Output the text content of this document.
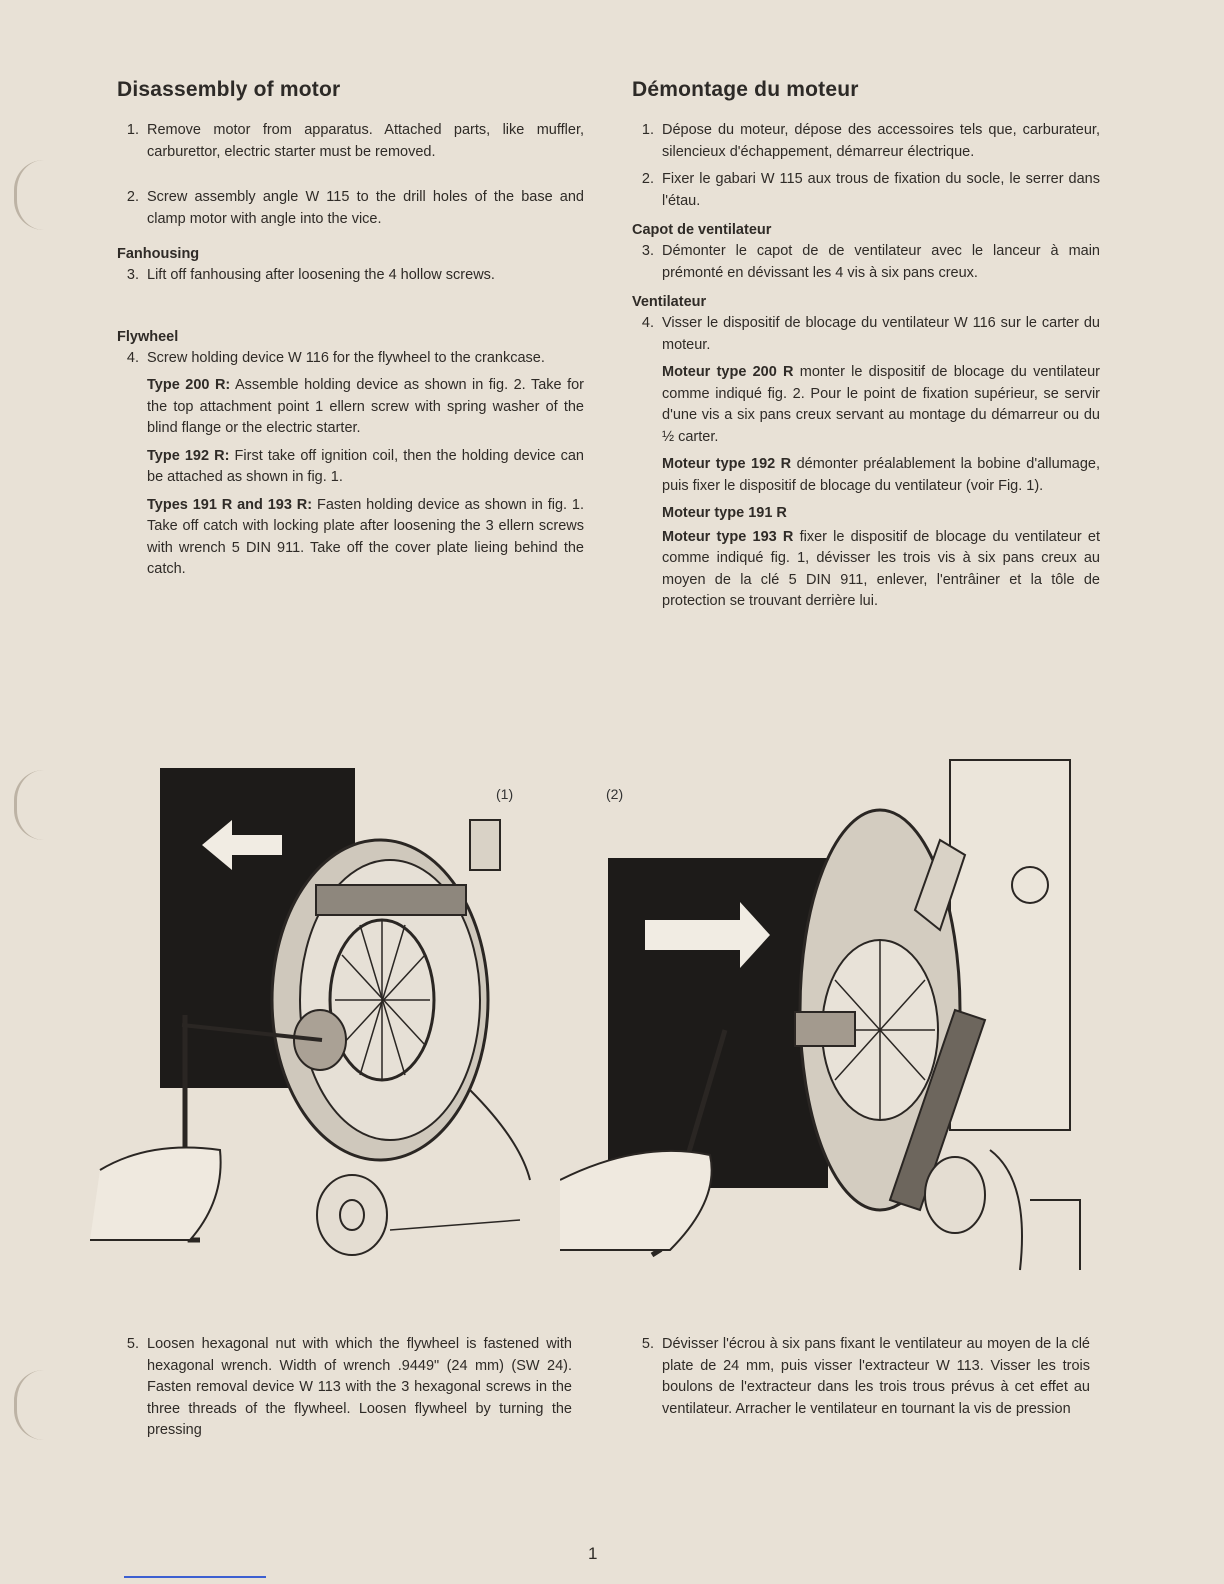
Disassembly of motor
1. Remove motor from apparatus. Attached parts, like muffler, carburettor, electric starter must be removed.
2. Screw assembly angle W 115 to the drill holes of the base and clamp motor with angle into the vice.
Fanhousing
3. Lift off fanhousing after loosening the 4 hollow screws.
Flywheel
4. Screw holding device W 116 for the flywheel to the crankcase.
Type 200 R: Assemble holding device as shown in fig. 2. Take for the top attachment point 1 ellern screw with spring washer of the blind flange or the electric starter.
Type 192 R: First take off ignition coil, then the holding device can be attached as shown in fig. 1.
Types 191 R and 193 R: Fasten holding device as shown in fig. 1. Take off catch with locking plate after loosening the 3 ellern screws with wrench 5 DIN 911. Take off the cover plate lieing behind the catch.
Démontage du moteur
1. Dépose du moteur, dépose des accessoires tels que, carburateur, silencieux d'échappement, démarreur électrique.
2. Fixer le gabari W 115 aux trous de fixation du socle, le serrer dans l'étau.
Capot de ventilateur
3. Démonter le capot de de ventilateur avec le lanceur à main prémonté en dévissant les 4 vis à six pans creux.
Ventilateur
4. Visser le dispositif de blocage du ventilateur W 116 sur le carter du moteur.
Moteur type 200 R monter le dispositif de blocage du ventilateur comme indiqué fig. 2. Pour le point de fixation supérieur, se servir d'une vis a six pans creux servant au montage du démarreur ou du ½ carter.
Moteur type 192 R démonter préalablement la bobine d'allumage, puis fixer le dispositif de blocage du ventilateur (voir Fig. 1).
Moteur type 191 R
Moteur type 193 R fixer le dispositif de blocage du ventilateur et comme indiqué fig. 1, dévisser les trois vis à six pans creux au moyen de la clé 5 DIN 911, enlever, l'entrâiner et la tôle de protection se trouvant derrière lui.
(1)	(2)
5. Loosen hexagonal nut with which the flywheel is fastened with hexagonal wrench. Width of wrench .9449" (24 mm) (SW 24). Fasten removal device W 113 with the 3 hexagonal screws in the three threads of the flywheel. Loosen flywheel by turning the pressing
5. Dévisser l'écrou à six pans fixant le ventilateur au moyen de la clé plate de 24 mm, puis visser l'extracteur W 113. Visser les trois boulons de l'extracteur dans les trois trous prévus à cet effet au ventilateur. Arracher le ventilateur en tournant la vis de pression
1
